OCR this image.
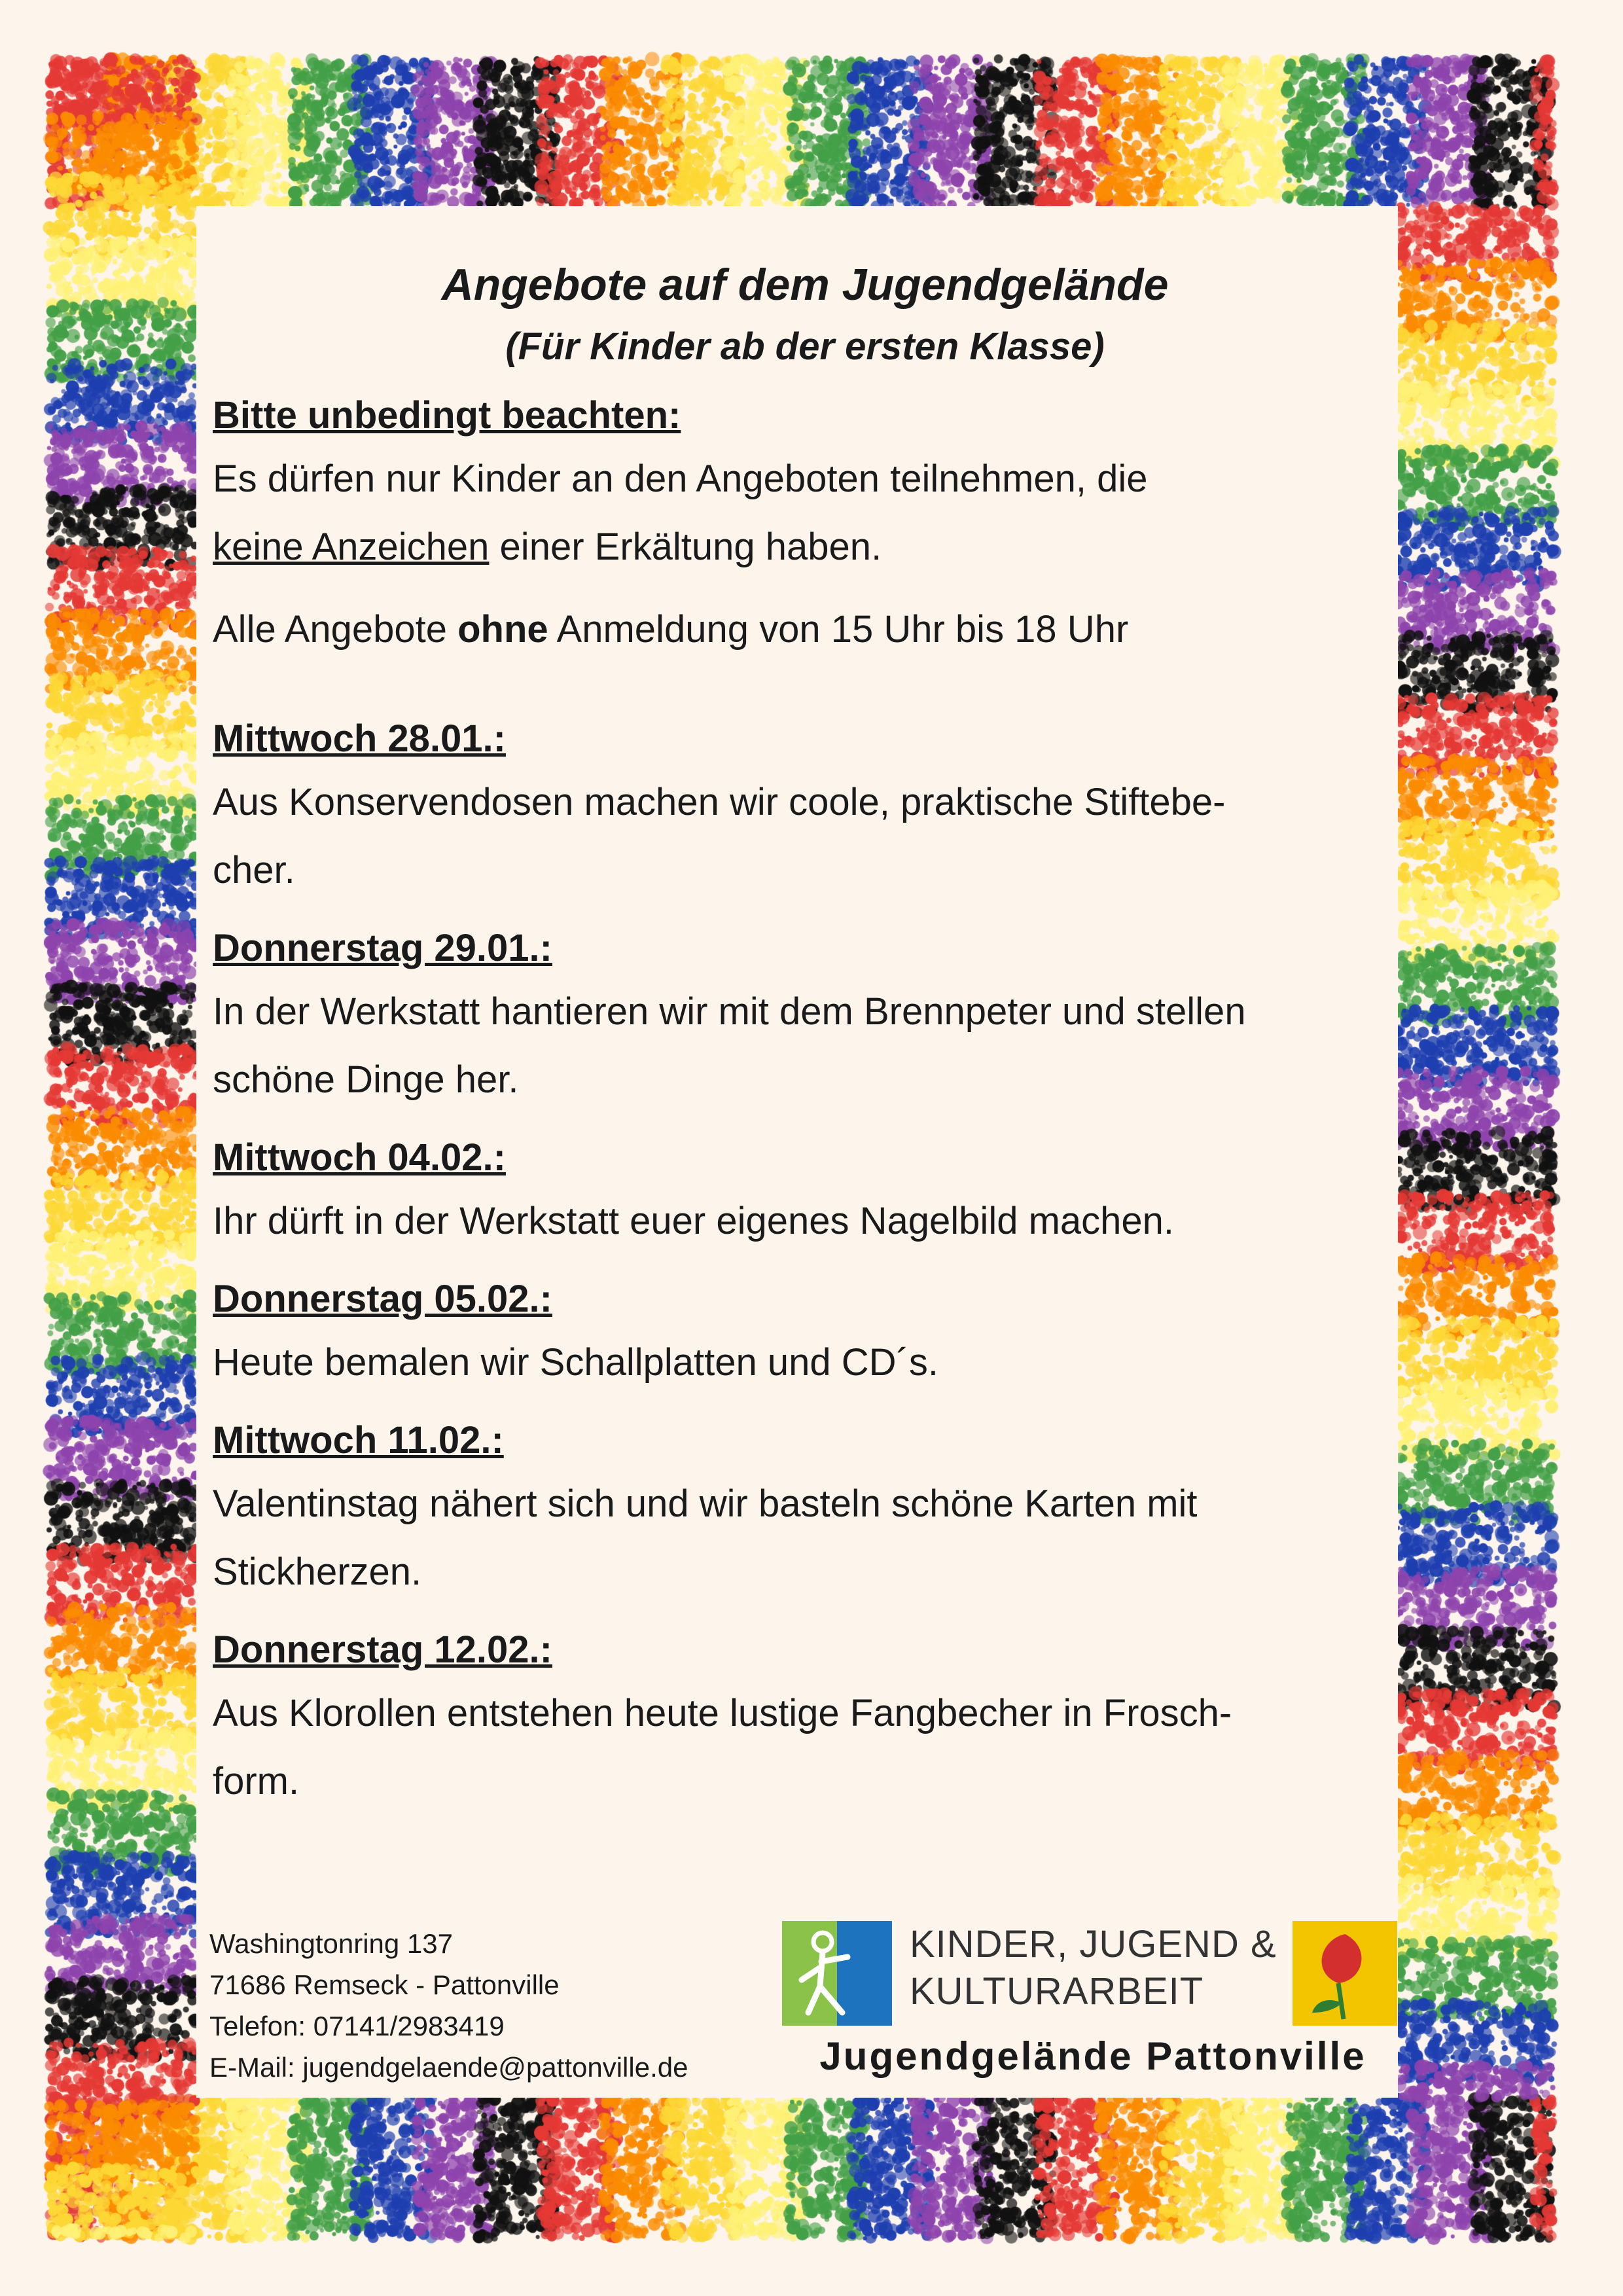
Angebote auf dem Jugendgelände
(Für Kinder ab der ersten Klasse)
Bitte unbedingt beachten:

Es dürfen nur Kinder an den Angeboten teilnehmen, die

keine Anzeichen einer Erkältung haben.

Alle Angebote ohne Anmeldung von 15 Uhr bis 18 Uhr

Mittwoch 28.01.:

Aus Konservendosen machen wir coole, praktische Stiftebe-

cher.

Donnerstag 29.01.:

In der Werkstatt hantieren wir mit dem Brennpeter und stellen

schöne Dinge her.

Mittwoch 04.02.:

Ihr dürft in der Werkstatt euer eigenes Nagelbild machen.

Donnerstag 05.02.:

Heute bemalen wir Schallplatten und CD´s.

Mittwoch 11.02.:

Valentinstag nähert sich und wir basteln schöne Karten mit

Stickherzen.

Donnerstag 12.02.:

Aus Klorollen entstehen heute lustige Fangbecher in Frosch-

form.

Washingtonring 137
71686 Remseck - Pattonville
Telefon: 07141/2983419
E-Mail: jugendgelaende@pattonville.de
KINDER, JUGEND &
KULTURARBEIT
Jugendgelände Pattonville
